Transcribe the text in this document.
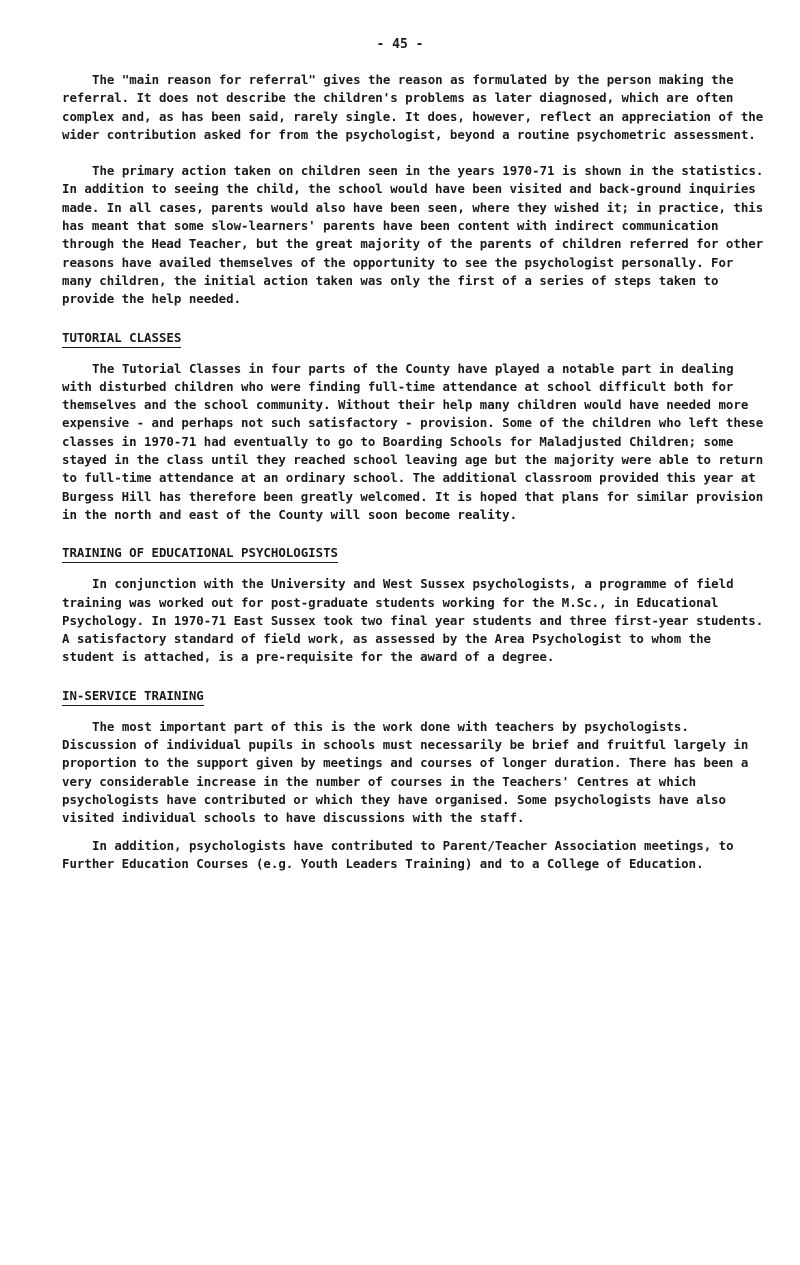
- 45 -

The "main reason for referral" gives the reason as formulated by the person making the referral. It does not describe the children's problems as later diagnosed, which are often complex and, as has been said, rarely single. It does, however, reflect an appreciation of the wider contribution asked for from the psychologist, beyond a routine psychometric assessment.

The primary action taken on children seen in the years 1970-71 is shown in the statistics. In addition to seeing the child, the school would have been visited and back-ground inquiries made. In all cases, parents would also have been seen, where they wished it; in practice, this has meant that some slow-learners' parents have been content with indirect communication through the Head Teacher, but the great majority of the parents of children referred for other reasons have availed themselves of the opportunity to see the psychologist personally. For many children, the initial action taken was only the first of a series of steps taken to provide the help needed.

TUTORIAL CLASSES

The Tutorial Classes in four parts of the County have played a notable part in dealing with disturbed children who were finding full-time attendance at school difficult both for themselves and the school community. Without their help many children would have needed more expensive - and perhaps not such satisfactory - provision. Some of the children who left these classes in 1970-71 had eventually to go to Boarding Schools for Maladjusted Children; some stayed in the class until they reached school leaving age but the majority were able to return to full-time attendance at an ordinary school. The additional classroom provided this year at Burgess Hill has therefore been greatly welcomed. It is hoped that plans for similar provision in the north and east of the County will soon become reality.

TRAINING OF EDUCATIONAL PSYCHOLOGISTS

In conjunction with the University and West Sussex psychologists, a programme of field training was worked out for post-graduate students working for the M.Sc., in Educational Psychology. In 1970-71 East Sussex took two final year students and three first-year students. A satisfactory standard of field work, as assessed by the Area Psychologist to whom the student is attached, is a pre-requisite for the award of a degree.

IN-SERVICE TRAINING

The most important part of this is the work done with teachers by psychologists. Discussion of individual pupils in schools must necessarily be brief and fruitful largely in proportion to the support given by meetings and courses of longer duration. There has been a very considerable increase in the number of courses in the Teachers' Centres at which psychologists have contributed or which they have organised. Some psychologists have also visited individual schools to have discussions with the staff.

In addition, psychologists have contributed to Parent/Teacher Association meetings, to Further Education Courses (e.g. Youth Leaders Training) and to a College of Education.
